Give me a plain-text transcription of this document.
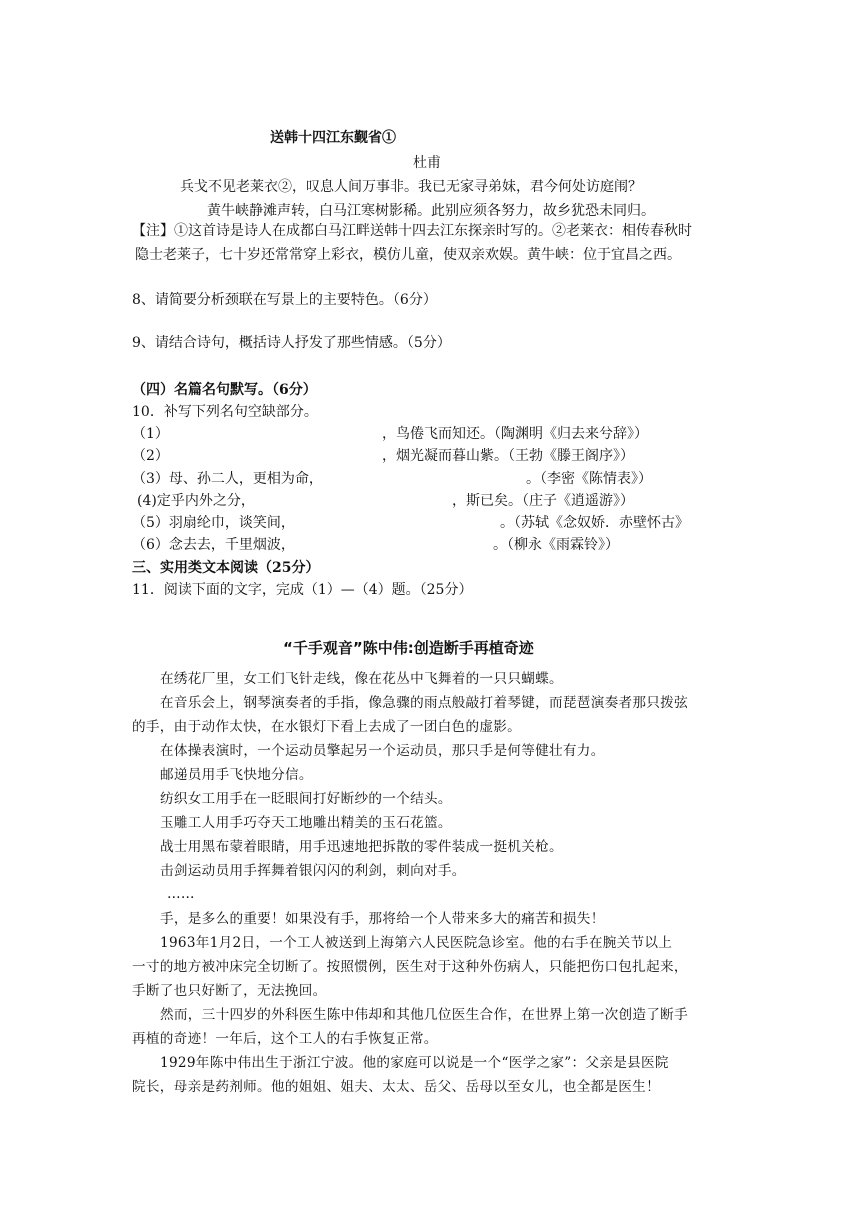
送韩十四江东觐省①
杜甫
兵戈不见老莱衣②，叹息人间万事非。我已无家寻弟妹，君今何处访庭闱？
黄牛峡静滩声转，白马江寒树影稀。此别应须各努力，故乡犹恐未同归。
【注】①这首诗是诗人在成都白马江畔送韩十四去江东探亲时写的。②老莱衣：相传春秋时
隐士老莱子，七十岁还常常穿上彩衣，模仿儿童，使双亲欢娱。黄牛峡：位于宜昌之西。
8、请简要分析颈联在写景上的主要特色。（6分）
9、请结合诗句，概括诗人抒发了那些情感。（5分）
（四）名篇名句默写。（6分）
10．补写下列名句空缺部分。
（1）	，鸟倦飞而知还。（陶渊明《归去来兮辞》）
（2）	，烟光凝而暮山紫。（王勃《滕王阁序》）
（3）母、孙二人，更相为命，	。（李密《陈情表》）
(4)定乎内外之分，	，斯已矣。（庄子《逍遥游》）
（5）羽扇纶巾，谈笑间，	。（苏轼《念奴娇．赤壁怀古》
（6）念去去，千里烟波，	。（柳永《雨霖铃》）
三、实用类文本阅读（25分）
11．阅读下面的文字，完成（1）—（4）题。（25分）
“千手观音”陈中伟:创造断手再植奇迹
在绣花厂里，女工们飞针走线，像在花丛中飞舞着的一只只蝴蝶。
在音乐会上，钢琴演奏者的手指，像急骤的雨点般敲打着琴键，而琵琶演奏者那只拨弦
的手，由于动作太快，在水银灯下看上去成了一团白色的虚影。
在体操表演时，一个运动员擎起另一个运动员，那只手是何等健壮有力。
邮递员用手飞快地分信。
纺织女工用手在一眨眼间打好断纱的一个结头。
玉雕工人用手巧夺天工地雕出精美的玉石花篮。
战士用黑布蒙着眼睛，用手迅速地把拆散的零件装成一挺机关枪。
击剑运动员用手挥舞着银闪闪的利剑，刺向对手。
……
手，是多么的重要！如果没有手，那将给一个人带来多大的痛苦和损失！
1963年1月2日，一个工人被送到上海第六人民医院急诊室。他的右手在腕关节以上
一寸的地方被冲床完全切断了。按照惯例，医生对于这种外伤病人，只能把伤口包扎起来，
手断了也只好断了，无法挽回。
然而，三十四岁的外科医生陈中伟却和其他几位医生合作，在世界上第一次创造了断手
再植的奇迹！一年后，这个工人的右手恢复正常。
1929年陈中伟出生于浙江宁波。他的家庭可以说是一个“医学之家”：父亲是县医院
院长，母亲是药剂师。他的姐姐、姐夫、太太、岳父、岳母以至女儿，也全都是医生！
